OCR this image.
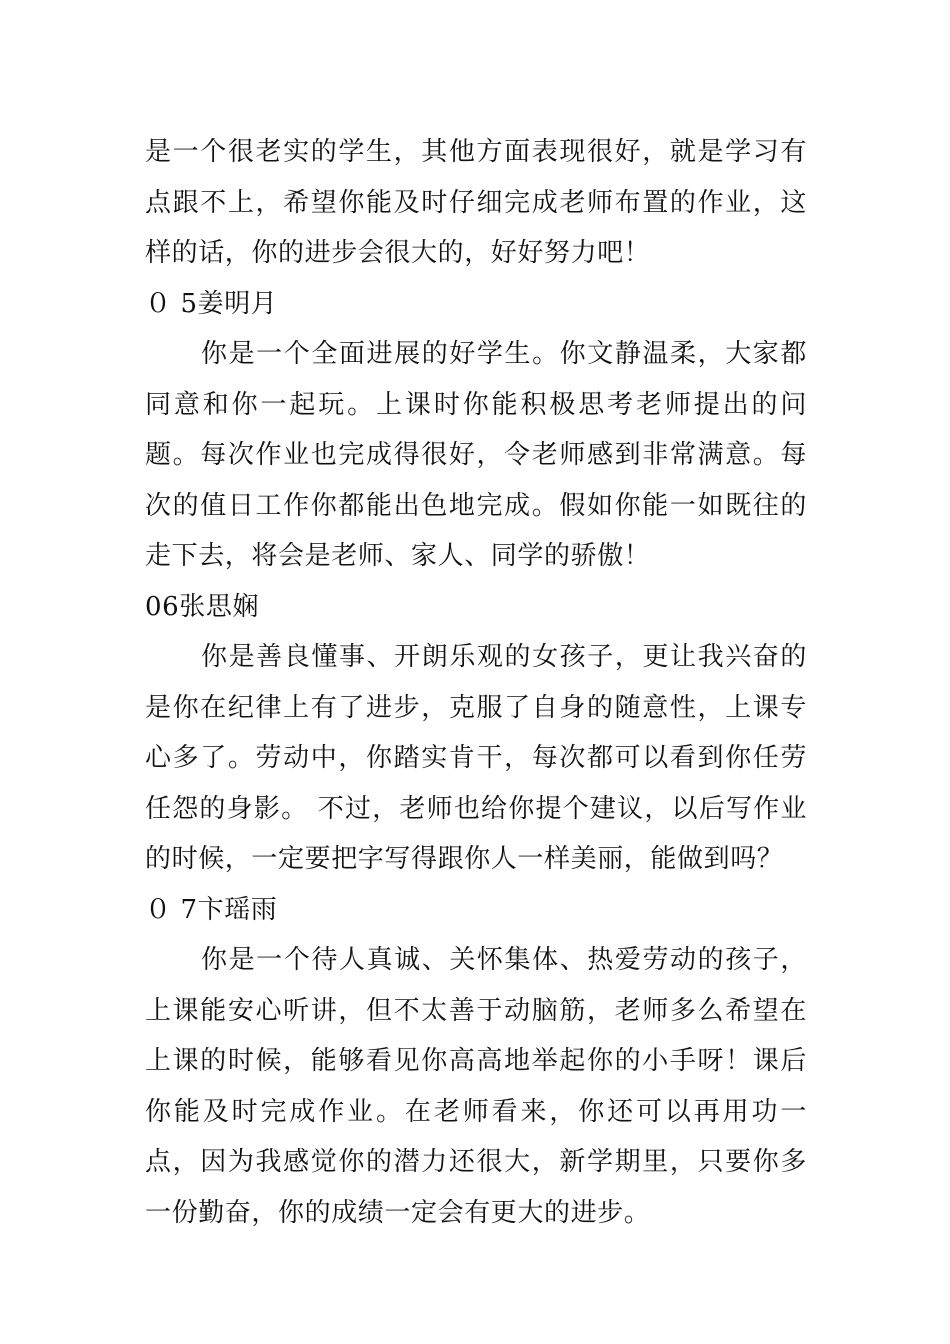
是一个很老实的学生，其他方面表现很好，就是学习有点跟不上，希望你能及时仔细完成老师布置的作业，这样的话，你的进步会很大的，好好努力吧！

０ 5姜明月

你是一个全面进展的好学生。你文静温柔，大家都同意和你一起玩。上课时你能积极思考老师提出的问题。每次作业也完成得很好，令老师感到非常满意。每次的值日工作你都能出色地完成。假如你能一如既往的走下去，将会是老师、家人、同学的骄傲！

06张思娴

你是善良懂事、开朗乐观的女孩子，更让我兴奋的是你在纪律上有了进步，克服了自身的随意性，上课专心多了。劳动中，你踏实肯干，每次都可以看到你任劳任怨的身影。 不过，老师也给你提个建议，以后写作业的时候，一定要把字写得跟你人一样美丽，能做到吗？

０ 7卞瑶雨

你是一个待人真诚、关怀集体、热爱劳动的孩子，上课能安心听讲，但不太善于动脑筋，老师多么希望在上课的时候，能够看见你高高地举起你的小手呀！课后你能及时完成作业。在老师看来，你还可以再用功一点，因为我感觉你的潜力还很大，新学期里，只要你多一份勤奋，你的成绩一定会有更大的进步。
